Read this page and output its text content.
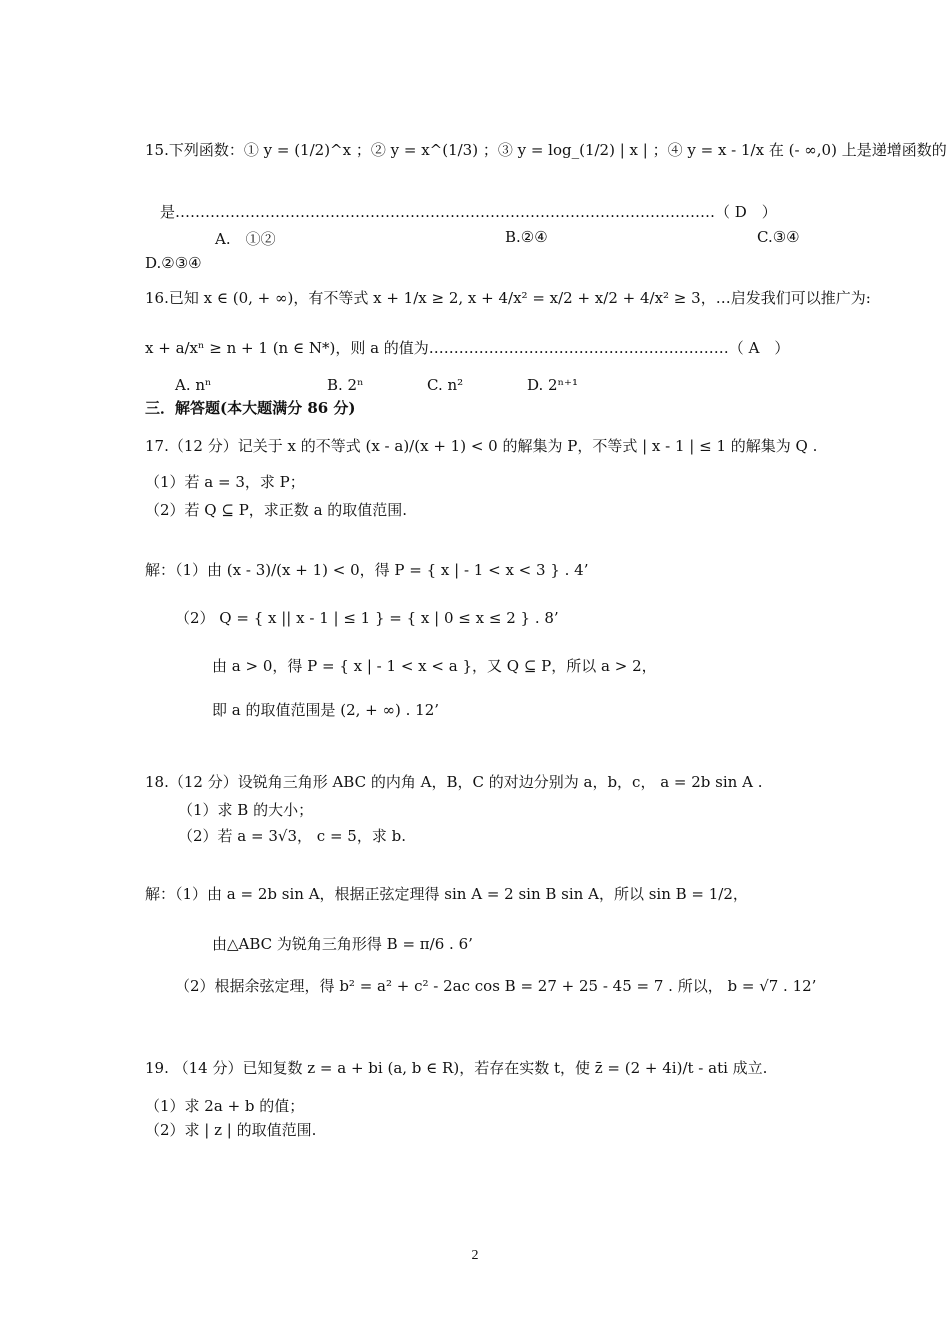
15.下列函数：① y = (1/2)^x ；② y = x^(1/3) ；③ y = log_(1/2) | x | ；④ y = x - 1/x 在 (- ∞,0) 上是递增函数的
是………………………………………………………………………………………………（ D　）
A.　①②	B.②④	C.③④
D.②③④
16.已知 x ∈ (0, + ∞)，有不等式 x + 1/x ≥ 2, x + 4/x² = x/2 + x/2 + 4/x² ≥ 3，…启发我们可以推广为:
x + a/xⁿ ≥ n + 1 (n ∈ N*)，则 a 的值为……………………………………………………（ A　）
A. nⁿ	B. 2ⁿ	C. n²	D. 2ⁿ⁺¹
三．解答题(本大题满分 86 分)
17.（12 分）记关于 x 的不等式 (x - a)/(x + 1) < 0 的解集为 P，不等式 | x - 1 | ≤ 1 的解集为 Q .
（1）若 a = 3，求 P；
（2）若 Q ⊆ P，求正数 a 的取值范围.
解：（1）由 (x - 3)/(x + 1) < 0，得 P = { x | - 1 < x < 3 } . 4’
（2） Q = { x || x - 1 | ≤ 1 } = { x | 0 ≤ x ≤ 2 } . 8’
由 a > 0，得 P = { x | - 1 < x < a }，又 Q ⊆ P，所以 a > 2，
即 a 的取值范围是 (2, + ∞) . 12’
18.（12 分）设锐角三角形 ABC 的内角 A，B，C 的对边分别为 a，b，c， a = 2b sin A .
（1）求 B 的大小；
（2）若 a = 3√3， c = 5，求 b.
解：（1）由 a = 2b sin A，根据正弦定理得 sin A = 2 sin B sin A，所以 sin B = 1/2，
由△ABC 为锐角三角形得 B = π/6 . 6’
（2）根据余弦定理，得 b² = a² + c² - 2ac cos B = 27 + 25 - 45 = 7 . 所以， b = √7 . 12’
19. （14 分）已知复数 z = a + bi (a, b ∈ R)，若存在实数 t，使 z̄ = (2 + 4i)/t - ati 成立.
（1）求 2a + b 的值；
（2）求 | z | 的取值范围.
2
